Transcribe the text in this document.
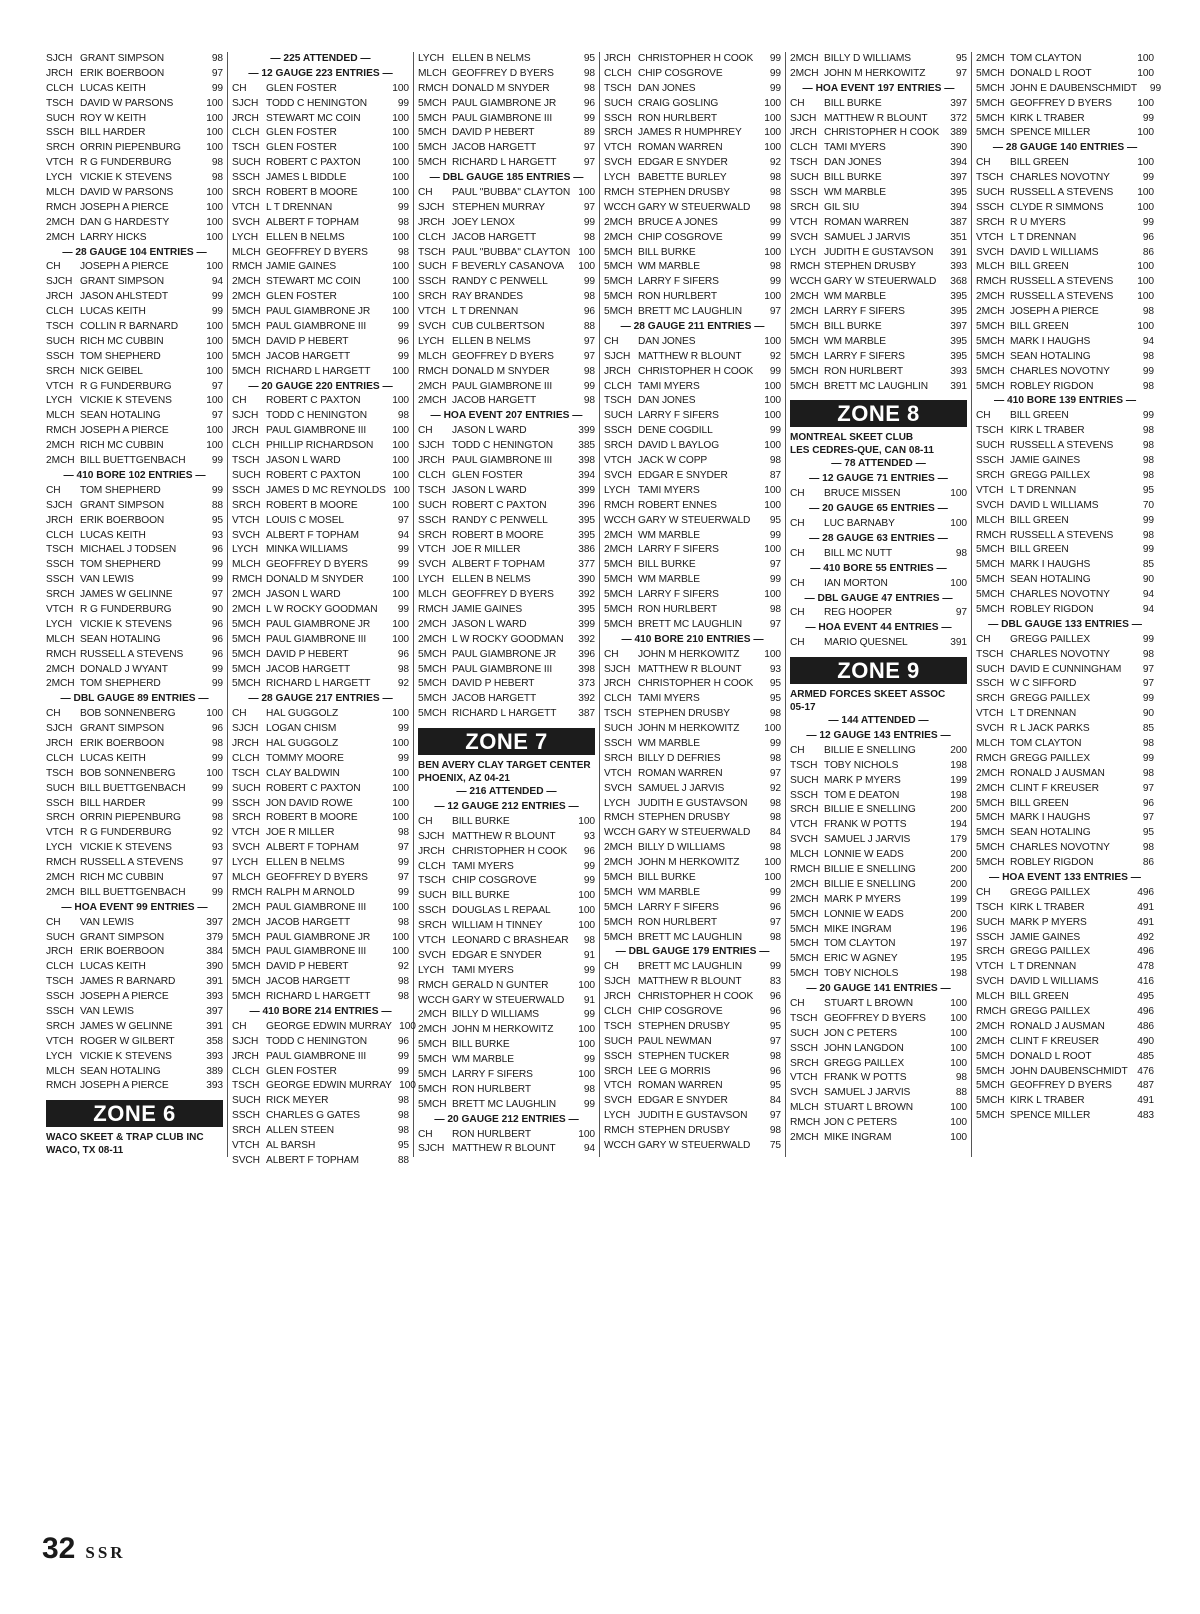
SJCH GRANT SIMPSON	98
JRCH ERIK BOERBOON	97
CLCH LUCAS KEITH	99
TSCH DAVID W PARSONS	100
SUCH ROY W KEITH	100
SSCH BILL HARDER	100
SRCH ORRIN PIEPENBURG	100
VTCH R G FUNDERBURG	98
LYCH VICKIE K STEVENS	98
MLCH DAVID W PARSONS	100
RMCH JOSEPH A PIERCE	100
2MCH DAN G HARDESTY	100
2MCH LARRY HICKS	100
— 28 GAUGE 104 ENTRIES —
CH	JOSEPH A PIERCE	100
SJCH GRANT SIMPSON	94
JRCH JASON AHLSTEDT	99
CLCH LUCAS KEITH	99
TSCH COLLIN R BARNARD	100
SUCH RICH MC CUBBIN	100
SSCH TOM SHEPHERD	100
SRCH NICK GEIBEL	100
VTCH R G FUNDERBURG	97
LYCH VICKIE K STEVENS	100
MLCH SEAN HOTALING	97
RMCH JOSEPH A PIERCE	100
2MCH RICH MC CUBBIN	100
2MCH BILL BUETTGENBACH	99
— 410 BORE 102 ENTRIES —
CH	TOM SHEPHERD	99
SJCH GRANT SIMPSON	88
JRCH ERIK BOERBOON	95
CLCH LUCAS KEITH	93
TSCH MICHAEL J TODSEN	96
SSCH TOM SHEPHERD	99
SSCH VAN LEWIS	99
SRCH JAMES W GELINNE	97
VTCH R G FUNDERBURG	90
LYCH VICKIE K STEVENS	96
MLCH SEAN HOTALING	96
RMCH RUSSELL A STEVENS	96
2MCH DONALD J WYANT	99
2MCH TOM SHEPHERD	99
— DBL GAUGE 89 ENTRIES —
CH	BOB SONNENBERG	100
SJCH GRANT SIMPSON	96
JRCH ERIK BOERBOON	98
CLCH LUCAS KEITH	99
TSCH BOB SONNENBERG	100
SUCH BILL BUETTGENBACH	99
SSCH BILL HARDER	99
SRCH ORRIN PIEPENBURG	98
VTCH R G FUNDERBURG	92
LYCH VICKIE K STEVENS	93
RMCH RUSSELL A STEVENS	97
2MCH RICH MC CUBBIN	97
2MCH BILL BUETTGENBACH	99
— HOA EVENT 99 ENTRIES —
CH	VAN LEWIS	397
SUCH GRANT SIMPSON	379
JRCH ERIK BOERBOON	384
CLCH LUCAS KEITH	390
TSCH JAMES R BARNARD	391
SSCH JOSEPH A PIERCE	393
SSCH VAN LEWIS	397
SRCH JAMES W GELINNE	391
VTCH ROGER W GILBERT	358
LYCH VICKIE K STEVENS	393
MLCH SEAN HOTALING	389
RMCH JOSEPH A PIERCE	393
ZONE 6
WACO SKEET & TRAP CLUB INC
WACO, TX 08-11
— 225 ATTENDED —
— 12 GAUGE 223 ENTRIES —
CH	GLEN FOSTER	100
SJCH TODD C HENINGTON	99
JRCH STEWART MC COIN	100
CLCH GLEN FOSTER	100
TSCH GLEN FOSTER	100
SUCH ROBERT C PAXTON	100
SSCH JAMES L BIDDLE	100
SRCH ROBERT B MOORE	100
VTCH L T DRENNAN	99
SVCH ALBERT F TOPHAM	98
LYCH ELLEN B NELMS	100
MLCH GEOFFREY D BYERS	98
RMCH JAMIE GAINES	100
2MCH STEWART MC COIN	100
2MCH GLEN FOSTER	100
5MCH PAUL GIAMBRONE JR	100
5MCH PAUL GIAMBRONE III	99
5MCH DAVID P HEBERT	96
5MCH JACOB HARGETT	99
5MCH RICHARD L HARGETT	100
— 20 GAUGE 220 ENTRIES —
CH	ROBERT C PAXTON	100
SJCH TODD C HENINGTON	98
JRCH PAUL GIAMBRONE III	100
CLCH PHILLIP RICHARDSON	100
TSCH JASON L WARD	100
SUCH ROBERT C PAXTON	100
SSCH JAMES D MC REYNOLDS 100
SRCH ROBERT B MOORE	100
VTCH LOUIS C MOSEL	97
SVCH ALBERT F TOPHAM	94
LYCH MINKA WILLIAMS	99
MLCH GEOFFREY D BYERS	99
RMCH DONALD M SNYDER	100
2MCH JASON L WARD	100
2MCH L W ROCKY GOODMAN	99
5MCH PAUL GIAMBRONE JR	100
5MCH PAUL GIAMBRONE III	100
5MCH DAVID P HEBERT	96
5MCH JACOB HARGETT	98
5MCH RICHARD L HARGETT	92
— 28 GAUGE 217 ENTRIES —
CH	HAL GUGGOLZ	100
SJCH LOGAN CHISM	99
JRCH HAL GUGGOLZ	100
CLCH TOMMY MOORE	99
TSCH CLAY BALDWIN	100
SUCH ROBERT C PAXTON	100
SSCH JON DAVID ROWE	100
SRCH ROBERT B MOORE	100
VTCH JOE R MILLER	98
SVCH ALBERT F TOPHAM	97
LYCH ELLEN B NELMS	99
MLCH GEOFFREY D BYERS	97
RMCH RALPH M ARNOLD	99
2MCH PAUL GIAMBRONE III	100
2MCH JACOB HARGETT	98
5MCH PAUL GIAMBRONE JR	100
5MCH PAUL GIAMBRONE III	100
5MCH DAVID P HEBERT	92
5MCH JACOB HARGETT	98
5MCH RICHARD L HARGETT	98
— 410 BORE 214 ENTRIES —
CH	GEORGE EDWIN MURRAY 100
SJCH TODD C HENINGTON	96
JRCH PAUL GIAMBRONE III	99
CLCH GLEN FOSTER	99
TSCH GEORGE EDWIN MURRAY 100
SUCH RICK MEYER	98
SSCH CHARLES G GATES	98
SRCH ALLEN STEEN	98
VTCH AL BARSH	95
SVCH ALBERT F TOPHAM	88
LYCH ELLEN B NELMS	95
MLCH GEOFFREY D BYERS	98
RMCH DONALD M SNYDER	98
5MCH PAUL GIAMBRONE JR	96
5MCH PAUL GIAMBRONE III	99
5MCH DAVID P HEBERT	89
5MCH JACOB HARGETT	97
5MCH RICHARD L HARGETT	97
— DBL GAUGE 185 ENTRIES —
CH	PAUL "BUBBA" CLAYTON 100
SJCH STEPHEN MURRAY	97
JRCH JOEY LENOX	99
CLCH JACOB HARGETT	98
TSCH PAUL "BUBBA" CLAYTON 100
SUCH F BEVERLY CASANOVA	100
SSCH RANDY C PENWELL	99
SRCH RAY BRANDES	98
VTCH L T DRENNAN	96
SVCH CUB CULBERTSON	88
LYCH ELLEN B NELMS	97
MLCH GEOFFREY D BYERS	97
RMCH DONALD M SNYDER	98
2MCH PAUL GIAMBRONE III	99
2MCH JACOB HARGETT	98
— HOA EVENT 207 ENTRIES —
CH	JASON L WARD	399
SJCH TODD C HENINGTON	385
JRCH PAUL GIAMBRONE III	398
CLCH GLEN FOSTER	394
TSCH JASON L WARD	399
SUCH ROBERT C PAXTON	396
SSCH RANDY C PENWELL	395
SRCH ROBERT B MOORE	395
VTCH JOE R MILLER	386
SVCH ALBERT F TOPHAM	377
LYCH ELLEN B NELMS	390
MLCH GEOFFREY D BYERS	392
RMCH JAMIE GAINES	395
2MCH JASON L WARD	399
2MCH L W ROCKY GOODMAN	392
5MCH PAUL GIAMBRONE JR	396
5MCH PAUL GIAMBRONE III	398
5MCH DAVID P HEBERT	373
5MCH JACOB HARGETT	392
5MCH RICHARD L HARGETT	387
ZONE 7
BEN AVERY CLAY TARGET CENTER
PHOENIX, AZ 04-21
— 216 ATTENDED —
— 12 GAUGE 212 ENTRIES —
CH	BILL BURKE	100
SJCH MATTHEW R BLOUNT	93
JRCH CHRISTOPHER H COOK	96
CLCH TAMI MYERS	99
TSCH CHIP COSGROVE	99
SUCH BILL BURKE	100
SSCH DOUGLAS L REPAAL	100
SRCH WILLIAM H TINNEY	100
VTCH LEONARD C BRASHEAR	98
SVCH EDGAR E SNYDER	91
LYCH TAMI MYERS	99
RMCH GERALD N GUNTER	100
WCCH GARY W STEUERWALD	91
2MCH BILLY D WILLIAMS	99
2MCH JOHN M HERKOWITZ	100
5MCH BILL BURKE	100
5MCH WM MARBLE	99
5MCH LARRY F SIFERS	100
5MCH RON HURLBERT	98
5MCH BRETT MC LAUGHLIN	99
— 20 GAUGE 212 ENTRIES —
CH	RON HURLBERT	100
SJCH MATTHEW R BLOUNT	94
JRCH CHRISTOPHER H COOK	99
CLCH CHIP COSGROVE	99
TSCH DAN JONES	99
SUCH CRAIG GOSLING	100
SSCH RON HURLBERT	100
SRCH JAMES R HUMPHREY	100
VTCH ROMAN WARREN	100
SVCH EDGAR E SNYDER	92
LYCH BABETTE BURLEY	98
RMCH STEPHEN DRUSBY	98
WCCH GARY W STEUERWALD	98
2MCH BRUCE A JONES	99
2MCH CHIP COSGROVE	99
5MCH BILL BURKE	100
5MCH WM MARBLE	98
5MCH LARRY F SIFERS	99
5MCH RON HURLBERT	100
5MCH BRETT MC LAUGHLIN	97
— 28 GAUGE 211 ENTRIES —
CH	DAN JONES	100
SJCH MATTHEW R BLOUNT	92
JRCH CHRISTOPHER H COOK	99
CLCH TAMI MYERS	100
TSCH DAN JONES	100
SUCH LARRY F SIFERS	100
SSCH DENE COGDILL	99
SRCH DAVID L BAYLOG	100
VTCH JACK W COPP	98
SVCH EDGAR E SNYDER	87
LYCH TAMI MYERS	100
RMCH ROBERT ENNES	100
WCCH GARY W STEUERWALD	95
2MCH WM MARBLE	99
2MCH LARRY F SIFERS	100
5MCH BILL BURKE	97
5MCH WM MARBLE	99
5MCH LARRY F SIFERS	100
5MCH RON HURLBERT	98
5MCH BRETT MC LAUGHLIN	97
— 410 BORE 210 ENTRIES —
CH	JOHN M HERKOWITZ	100
SJCH MATTHEW R BLOUNT	93
JRCH CHRISTOPHER H COOK	95
CLCH TAMI MYERS	95
TSCH STEPHEN DRUSBY	98
SUCH JOHN M HERKOWITZ	100
SSCH WM MARBLE	99
SRCH BILLY D DEFRIES	98
VTCH ROMAN WARREN	97
SVCH SAMUEL J JARVIS	92
LYCH JUDITH E GUSTAVSON	98
RMCH STEPHEN DRUSBY	98
WCCH GARY W STEUERWALD	84
2MCH BILLY D WILLIAMS	98
2MCH JOHN M HERKOWITZ	100
5MCH BILL BURKE	100
5MCH WM MARBLE	99
5MCH LARRY F SIFERS	96
5MCH RON HURLBERT	97
5MCH BRETT MC LAUGHLIN	98
— DBL GAUGE 179 ENTRIES —
CH	BRETT MC LAUGHLIN	99
SJCH MATTHEW R BLOUNT	83
JRCH CHRISTOPHER H COOK	96
CLCH CHIP COSGROVE	96
TSCH STEPHEN DRUSBY	95
SUCH PAUL NEWMAN	97
SSCH STEPHEN TUCKER	98
SRCH LEE G MORRIS	96
VTCH ROMAN WARREN	95
SVCH EDGAR E SNYDER	84
LYCH JUDITH E GUSTAVSON	97
RMCH STEPHEN DRUSBY	98
WCCH GARY W STEUERWALD	75
2MCH BILLY D WILLIAMS	95
2MCH JOHN M HERKOWITZ	97
— HOA EVENT 197 ENTRIES —
CH	BILL BURKE	397
SJCH MATTHEW R BLOUNT	372
JRCH CHRISTOPHER H COOK	389
CLCH TAMI MYERS	390
TSCH DAN JONES	394
SUCH BILL BURKE	397
SSCH WM MARBLE	395
SRCH GIL SIU	394
VTCH ROMAN WARREN	387
SVCH SAMUEL J JARVIS	351
LYCH JUDITH E GUSTAVSON	391
RMCH STEPHEN DRUSBY	393
WCCH GARY W STEUERWALD	368
2MCH WM MARBLE	395
2MCH LARRY F SIFERS	395
5MCH BILL BURKE	397
5MCH WM MARBLE	395
5MCH LARRY F SIFERS	395
5MCH RON HURLBERT	393
5MCH BRETT MC LAUGHLIN	391
ZONE 8
MONTREAL SKEET CLUB
LES CEDRES-QUE, CAN 08-11
— 78 ATTENDED —
— 12 GAUGE 71 ENTRIES —
CH	BRUCE MISSEN	100
— 20 GAUGE 65 ENTRIES —
CH	LUC BARNABY	100
— 28 GAUGE 63 ENTRIES —
CH	BILL MC NUTT	98
— 410 BORE 55 ENTRIES —
CH	IAN MORTON	100
— DBL GAUGE 47 ENTRIES —
CH	REG HOOPER	97
— HOA EVENT 44 ENTRIES —
CH	MARIO QUESNEL	391
ZONE 9
ARMED FORCES SKEET ASSOC
05-17
— 144 ATTENDED —
— 12 GAUGE 143 ENTRIES —
CH	BILLIE E SNELLING	200
TSCH TOBY NICHOLS	198
SUCH MARK P MYERS	199
SSCH TOM E DEATON	198
SRCH BILLIE E SNELLING	200
VTCH FRANK W POTTS	194
SVCH SAMUEL J JARVIS	179
MLCH LONNIE W EADS	200
RMCH BILLIE E SNELLING	200
2MCH BILLIE E SNELLING	200
2MCH MARK P MYERS	199
5MCH LONNIE W EADS	200
5MCH MIKE INGRAM	196
5MCH TOM CLAYTON	197
5MCH ERIC W AGNEY	195
5MCH TOBY NICHOLS	198
— 20 GAUGE 141 ENTRIES —
CH	STUART L BROWN	100
TSCH GEOFFREY D BYERS	100
SUCH JON C PETERS	100
SSCH JOHN LANGDON	100
SRCH GREGG PAILLEX	100
VTCH FRANK W POTTS	98
SVCH SAMUEL J JARVIS	88
MLCH STUART L BROWN	100
RMCH JON C PETERS	100
2MCH MIKE INGRAM	100
2MCH TOM CLAYTON	100
5MCH DONALD L ROOT	100
5MCH JOHN E DAUBENSCHMIDT	99
5MCH GEOFFREY D BYERS	100
5MCH KIRK L TRABER	99
5MCH SPENCE MILLER	100
— 28 GAUGE 140 ENTRIES —
CH	BILL GREEN	100
TSCH CHARLES NOVOTNY	99
SUCH RUSSELL A STEVENS	100
SSCH CLYDE R SIMMONS	100
SRCH R U MYERS	99
VTCH L T DRENNAN	96
SVCH DAVID L WILLIAMS	86
MLCH BILL GREEN	100
RMCH RUSSELL A STEVENS	100
2MCH RUSSELL A STEVENS	100
2MCH JOSEPH A PIERCE	98
5MCH BILL GREEN	100
5MCH MARK I HAUGHS	94
5MCH SEAN HOTALING	98
5MCH CHARLES NOVOTNY	99
5MCH ROBLEY RIGDON	98
— 410 BORE 139 ENTRIES —
CH	BILL GREEN	99
TSCH KIRK L TRABER	98
SUCH RUSSELL A STEVENS	98
SSCH JAMIE GAINES	98
SRCH GREGG PAILLEX	98
VTCH L T DRENNAN	95
SVCH DAVID L WILLIAMS	70
MLCH BILL GREEN	99
RMCH RUSSELL A STEVENS	98
5MCH BILL GREEN	99
5MCH MARK I HAUGHS	85
5MCH SEAN HOTALING	90
5MCH CHARLES NOVOTNY	94
5MCH ROBLEY RIGDON	94
— DBL GAUGE 133 ENTRIES —
CH	GREGG PAILLEX	99
TSCH CHARLES NOVOTNY	98
SUCH DAVID E CUNNINGHAM	97
SSCH W C SIFFORD	97
SRCH GREGG PAILLEX	99
VTCH L T DRENNAN	90
SVCH R L JACK PARKS	85
MLCH TOM CLAYTON	98
RMCH GREGG PAILLEX	99
2MCH RONALD J AUSMAN	98
2MCH CLINT F KREUSER	97
5MCH BILL GREEN	96
5MCH MARK I HAUGHS	97
5MCH SEAN HOTALING	95
5MCH CHARLES NOVOTNY	98
5MCH ROBLEY RIGDON	86
— HOA EVENT 133 ENTRIES —
CH	GREGG PAILLEX	496
TSCH KIRK L TRABER	491
SUCH MARK P MYERS	491
SSCH JAMIE GAINES	492
SRCH GREGG PAILLEX	496
VTCH L T DRENNAN	478
SVCH DAVID L WILLIAMS	416
MLCH BILL GREEN	495
RMCH GREGG PAILLEX	496
2MCH RONALD J AUSMAN	486
2MCH CLINT F KREUSER	490
5MCH DONALD L ROOT	485
5MCH JOHN DAUBENSCHMIDT 476
5MCH GEOFFREY D BYERS	487
5MCH KIRK L TRABER	491
5MCH SPENCE MILLER	483
32 SSR
